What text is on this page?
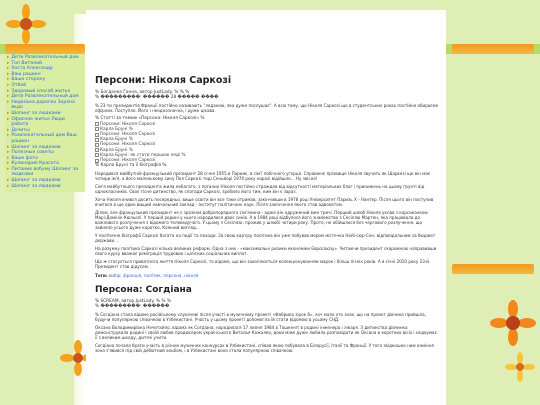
▸ Дети Развлекательный дом
▸ Топ Виталий
▸ Хоста Александр
▸ Ваш рацион
▸ Ваше сторону
▸ Отбой
▸ Здоровый способ житья
▸ Дети Развлекательный дом
▸ Неделька дорогих Зоряна вкде
▸ Шопинг за людками
▸ Офисное житье Люди работа
▸ Дочиты
▸ Развлекательный дом Ваш рацион
▸ Шопинг за людками
▸ Полезные советы
▸ Ваше фото
▸ Кулинария Красота
▸ Питание вобуму Шопинг за людками
▸ Шопинг за людками
▸ Шопинг за людками
Персони: Ніколя Саркозі
% Богданка Ганна, автор JustLady. % % %
% ���������: ������ 28 ����� ����
% 23-ти президентів Франції постійно називають "леданою, яка дуже послушає". А всю тому, що Ніколя Саркозі що в студентських роках постійно обираєме офірних. Поступло. Його і неоднозначна, і дуже цікава.
% Статті за темою «Персона: Ніколя Саркозі» %
Персони: Ніколя Саркозі
Карла Бруні %
Персони: Ніколя Саркозі
Карла Бруні %
Персони: Ніколя Саркозі
Карла Бруні %
Карла Бруні: як стати першою леді %
Персони: Ніколя Саркозі
% Карла Бруні та її біографія %
Народився майбутній французький президент 28 січня 1955 в Парижі, в сім'ї побічного угорця. Справжнє прізвище Ніколя звучить як Шаркезі ще він має чотири ім'я, а його маленькому сину Пол Саркозі тоді Сеньйорі 1970 року наразі відійшло... Ну звісно!
Сім'я майбутнього президента жила небагато, з поганих Ніколя постійно страждав від відсутності матеріальних благ і принижень на цьому ґрунті від однокласників. Своє тісне дитинство, як спогади Саркозі, зробило його тим, ким він є зараз.
Хоча Ніколя вчився досить посередньо, вище освіти він все таки отримав, закінчивши в 1978 році Університет Паризь X - Нантер. Після цього він поступив вчитися в ще один вищий навчальний заклад - Інститут політичних наук. Після закінчення якого став адвокатом.
Ділом, але французький президент не є зразком добропорядного сім'янина - адже він одружений вже тричі. Перший шлюб Ніколя уклав з корсиканкою Марі-Домінік Кюльолі. У першій родині у нього народилися двоє синів. А в 1984 році відбулося його знайомство з Сесіллю Мартен, яка працювала до важливого розлучення з відомого телеведучого. У цьому з Сесілією, прожив у шлюбі чотири року. Проте, не обійшлося без чергового розлучення, що зайняло усього дуже коротко, Кожний вигляд...
У політичне біографії Саркозі багата на події та походи. За свою кар'єру політика він уже побував мером містечка Нейї-сюр-Сен, відповідальним за бюджет держави...
На разумну політика Саркозі кілька великих реформ. Одна з них - «максимальні ризики економіки Євросоюзу». Читаючи президент скоромною направивши свого курсу вважає реміграція трудових і цілісних соціальних виплат.
Що ж стосується приватного життя Ніколя Саркозі, то відомо, що він захоплюється колекціонуванням марок і більш пізніх років. А в січні 2010 року 23-й Президент став дідусем.
Теги: вибір, франція, політик, персона, ніколя
Персона: Согдіана
% SCREAM, автор JustLady. % % %
% ���������: ������
% Согдіана стала відомо російському слухачеві після участі в музичному проекті «Фабрика зірок 6», хоч мало хто знає, що на проект дівчина прийшла, будучи популярною співачкою в Узбекистані. Участь у цьому проекті допомогла їй стати відомою в усьому СНД.
Оксана Володимирівна Нечитайло, відома як Согдіана, народилася 17 липня 1984 в Ташкенті в родині інженера і лікаря. З дитинства дівчинка демонструвала родині і своїй любов продюсером українського Виталья Кожалко, доки мамі дуже любила розповідати як Оксана в коротких вісіх і недоумах її з великим шкоду, дитячі учити.
Согдіана почала брати участь в різних музичних конкурсах в Узбекистані, співав якою побувала в Білорусії, Італії та Франції. У того звідкошно ним каміння зона з'явився під свій дебютний альбом, і в Узбекистані вона стала популярною співачкою.
